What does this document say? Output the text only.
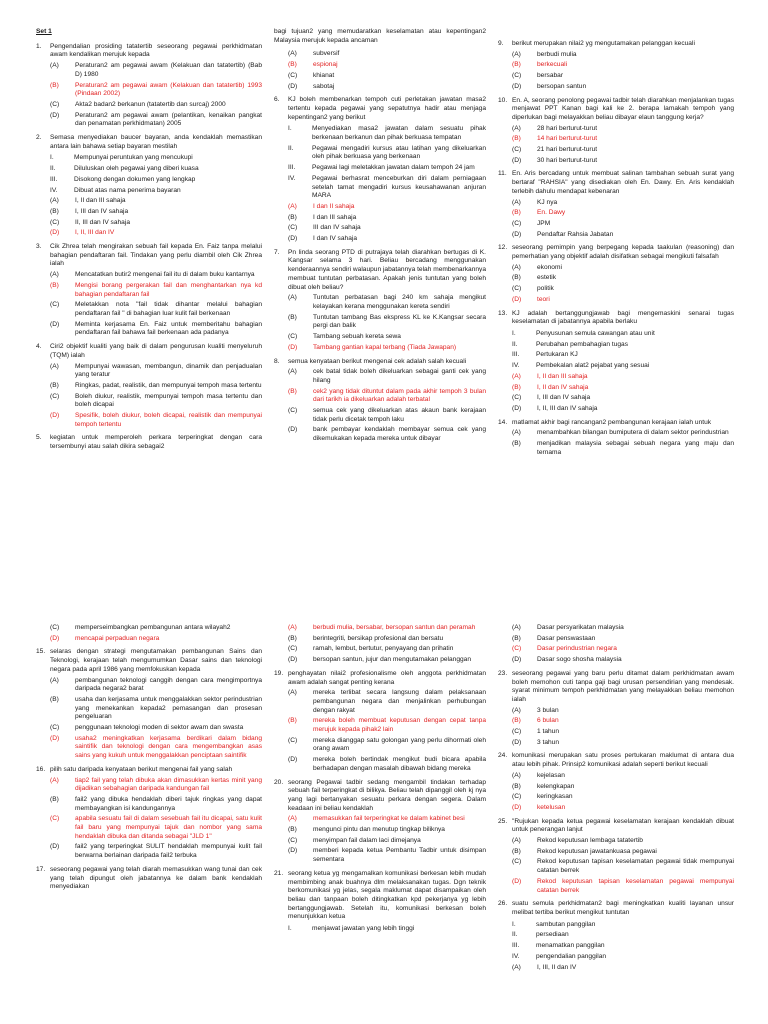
Set 1
1.	Pengendalian prosiding tatatertib seseorang pegawai perkhidmatan awam kendalikan merujuk kepada
(A)	Peraturan2 am pegawai awam (Kelakuan dan tatatertib) (Bab D) 1980
(B)	Peraturan2 am pegawai awam (Kelakuan dan tatatertib) 1993 (Pindaan 2002)
(C)	Akta2 badan2 berkanun (tatatertib dan surcaj) 2000
(D)	Peraturan2 am pegawai awam (pelantikan, kenaikan pangkat dan penamatan perkhidmatan) 2005
2.	Semasa menyediakan baucer bayaran, anda kendaklah memastikan antara lain bahawa setiap bayaran mestilah
I.	Mempunyai peruntukan yang mencukupi
II.	Diluluskan oleh pegawai yang diberi kuasa
III.	Disokong dengan dokumen yang lengkap
IV.	Dibuat atas nama penerima bayaran
(A)	I, II dan III sahaja
(B)	I, III dan IV sahaja
(C)	II, III dan IV sahaja
(D)	I, II, III dan IV
3.	Cik Zhrea telah mengirakan sebuah fail kepada En. Faiz tanpa melalui bahagian pendaftaran fail. Tindakan yang perlu diambil oleh Cik Zhrea ialah
(A)	Mencatatkan butir2 mengenai fail itu di dalam buku kantarnya
(B)	Mengisi borang pergerakan fail dan menghantarkan nya kd bahagian pendaftaran fail
(C)	Meletakkan nota "fail tidak dihantar melalui bahagian pendaftaran fail " di bahagian luar kulit fail berkenaan
(D)	Meminta kerjasama En. Faiz untuk memberitahu bahagian pendaftaran fail bahawa fail berkenaan ada padanya
4.	Ciri2 objektif kualiti yang baik di dalam pengurusan kualiti menyeluruh (TQM) ialah
(A)	Mempunyai wawasan, membangun, dinamik dan penjadualan yang teratur
(B)	Ringkas, padat, realistik, dan mempunyai tempoh masa tertentu
(C)	Boleh diukur, realistik, mempunyai tempoh masa tertentu dan boleh dicapai
(D)	Spesifik, boleh diukur, boleh dicapai, realistik dan mempunyai tempoh tertentu
5.	kegiatan untuk memperoleh perkara terperingkat dengan cara tersembunyi atau salah dikira sebagai2
bagi tujuan2 yang memudaratkan keselamatan atau kepentingan2 Malaysia merujuk kepada ancaman
(A)	subversif
(B)	espionaj
(C)	khianat
(D)	sabotaj
6.	KJ boleh membenarkan tempoh cuti perletakan jawatan masa2 tertentu kepada pegawai yang sepatutnya hadir atau menjaga kepentingan2 yang berikut
I.	Menyediakan masa2 jawatan dalam sesuatu pihak berkenaan berkanun dan pihak berkuasa tempatan
II.	Pegawai mengadiri kursus atau latihan yang dikeluarkan oleh pihak berkuasa yang berkenaan
III.	Pegawai lagi meletakkan jawatan dalam tempoh 24 jam
IV.	Pegawai berhasrat menceburkan diri dalam perniagaan setelah tamat mengadiri kursus keusahawanan anjuran MARA
(A)	I dan II sahaja
(B)	I dan III sahaja
(C)	III dan IV sahaja
(D)	I dan IV sahaja
7.	Pn linda seorang PTD di putrajaya telah diarahkan bertugas di K. Kangsar selama 3 hari. Beliau bercadang menggunakan kenderaannya sendiri walaupun jabatannya telah membenarkannya membuat tuntutan perbatasan. Apakah jenis tuntutan yang boleh dibuat oleh beliau?
(A)	Tuntutan perbatasan bagi 240 km sahaja mengikut kelayakan kerana menggunakan kereta sendiri
(B)	Tuntutan tambang Bas ekspress KL ke K.Kangsar secara pergi dan balik
(C)	Tambang sebuah kereta sewa
(D)	Tambang gantian kapal terbang (Tiada Jawapan)
8.	semua kenyataan berikut mengenai cek adalah salah kecuali
(A)	cek batal tidak boleh dikeluarkan sebagai ganti cek yang hilang
(B)	cek2 yang tidak dituntut dalam pada akhir tempoh 3 bulan dari tarikh ia dikeluarkan adalah terbatal
(C)	semua cek yang dikeluarkan atas akaun bank kerajaan tidak perlu dicetak tempoh laku
(D)	bank pembayar kendaklah membayar semua cek yang dikemukakan kepada mereka untuk dibayar
9.	berikut merupakan nilai2 yg mengutamakan pelanggan kecuali
(A)	berbudi mulia
(B)	berkecuali
(C)	bersabar
(D)	bersopan santun
10. En. A, seorang penolong pegawai tadbir telah diarahkan menjalankan tugas menjawat PPT Kanan bagi kali ke 2. berapa lamakah tempoh yang diperlukan bagi melayakkan beliau dibayar elaun tanggung kerja?
(A)	28 hari berturut-turut
(B)	14 hari berturut-turut
(C)	21 hari berturut-turut
(D)	30 hari berturut-turut
11. En. Aris bercadang untuk membuat salinan tambahan sebuah surat yang bertaraf "RAHSIA" yang disediakan oleh En. Dawy. En. Aris kendaklah terlebih dahulu mendapat kebenaran
(A)	KJ nya
(B)	En. Dawy
(C)	JPM
(D)	Pendaftar Rahsia Jabatan
12. seseorang pemimpin yang berpegang kepada taakulan (reasoning) dan pemerhatian yang objektif adalah disifatkan sebagai mengikuti falsafah
(A)	ekonomi
(B)	estetik
(C)	politik
(D)	teori
13. KJ adalah bertanggungjawab bagi mengemaskini senarai tugas keselamatan di jabatannya apabila berlaku
I.	Penyusunan semula cawangan atau unit
II.	Perubahan pembahagian tugas
III.	Pertukaran KJ
IV.	Pembekalan alat2 pejabat yang sesuai
(A)	I, II dan III sahaja
(B)	I, II dan IV sahaja
(C)	I, III dan IV sahaja
(D)	I, II, III dan IV sahaja
14. matlamat akhir bagi rancangan2 pembangunan kerajaan ialah untuk
(A)	menambahkan bilangan bumiputera di dalam sektor perindustrian
(B)	menjadikan malaysia sebagai sebuah negara yang maju dan ternama
(C)	memperseimbangkan pembangunan antara wilayah2
(D)	mencapai perpaduan negara
15. selaras dengan strategi mengutamakan pembangunan Sains dan Teknologi, kerajaan telah mengumumkan Dasar sains dan teknologi negara pada april 1986 yang memfokuskan kepada
(A)	pembangunan teknologi canggih dengan cara mengimportnya daripada negara2 barat
(B)	usaha dan kerjasama untuk menggalakkan sektor perindustrian yang menekankan kepada2 pemasangan dan prosesan pengeluaran
(C)	penggunaan teknologi moden di sektor awam dan swasta
(D)	usaha2 meningkatkan kerjasama berdikari dalam bidang saintifik dan teknologi dengan cara mengembangkan asas sains yang kukuh untuk menggalakkan penciptaan saintifik
16. pilih satu daripada kenyataan berikut mengenai fail yang salah
(A)	tiap2 fail yang telah dibuka akan dimasukkan kertas minit yang dijadikan sebahagian daripada kandungan fail
(B)	fail2 yang dibuka hendaklah diberi tajuk ringkas yang dapat membayangkan isi kandungannya
(C)	apabila sesuatu fail di dalam sesebuah fail itu dicapai, satu kulit fail baru yang mempunyai tajuk dan nombor yang sama hendaklah dibuka dan ditanda sebagai "JLD 1"
(D)	fail2 yang terperingkat SULIT hendaklah mempunyai kulit fail berwarna berlainan daripada fail2 terbuka
17. seseorang pegawai yang telah diarah memasukkan wang tunai dan cek yang telah dipungut oleh jabatannya ke dalam bank kendaklah menyediakan
(A)	berbudi mulia, bersabar, bersopan santun dan peramah
(B)	berintegriti, bersikap profesional dan bersatu
(C)	ramah, lembut, bertutur, penyayang dan prihatin
(D)	bersopan santun, jujur dan mengutamakan pelanggan
19. penghayatan nilai2 profesionalisme oleh anggota perkhidmatan awam adalah sangat penting kerana
(A)	mereka terlibat secara langsung dalam pelaksanaan pembangunan negara dan menjalinkan perhubungan dengan rakyat
(B)	mereka boleh membuat keputusan dengan cepat tanpa merujuk kepada pihak2 lain
(C)	mereka dianggap satu golongan yang perlu dihormati oleh orang awam
(D)	mereka boleh bertindak mengikut budi bicara apabila berhadapan dengan masalah dibawah bidang mereka
20. seorang Pegawai tadbir sedang mengambil tindakan terhadap sebuah fail terperingkat di bilikya. Beliau telah dipanggil oleh kj nya yang lagi bertanyakan sesuatu perkara dengan segera. Dalam keadaan ini beliau kendaklah
(A)	memasukkan fail terperingkat ke dalam kabinet besi
(B)	mengunci pintu dan menutup tingkap biliknya
(C)	menyimpan fail dalam laci dimejanya
(D)	memberi kepada ketua Pembantu Tadbir untuk disimpan sementara
21. seorang ketua yg mengamalkan komunikasi berkesan lebih mudah membimbing anak buahnya dlm melaksanakan tugas. Dgn teknik berkomunikasi yg jelas, segala maklumat dapat disampaikan oleh beliau dan tanpaan boleh ditingkatkan kpd pekerjanya yg lebih bertanggungjawab. Setelah itu, komunikasi berkesan boleh menunjukkan ketua
I.	menjawat jawatan yang lebih tinggi
(A)	Dasar persyarikatan malaysia
(B)	Dasar penswastaan
(C)	Dasar perindustrian negara
(D)	Dasar sogo shosha malaysia
23. seseorang pegawai yang baru perlu ditamat dalam perkhidmatan awam boleh memohon cuti tanpa gaji bagi urusan persendirian yang mendesak. syarat minimum tempoh perkhidmatan yang melayakkan beliau memohon ialah
(A)	3 bulan
(B)	6 bulan
(C)	1 tahun
(D)	3 tahun
24. komunikasi merupakan satu proses pertukaran maklumat di antara dua atau lebih pihak. Prinsip2 komunikasi adalah seperti berikut kecuali
(A)	kejelasan
(B)	kelengkapan
(C)	keringkasan
(D)	ketelusan
25. "Rujukan kepada ketua pegawai keselamatan kerajaan kendaklah dibuat untuk penerangan lanjut
(A)	Rekod keputusan lembaga tatatertib
(B)	Rekod keputusan jawatankuasa pegawai
(C)	Rekod keputusan tapisan keselamatan pegawai tidak mempunyai catatan berrek
(D)	Rekod keputusan tapisan keselamatan pegawai mempunyai catatan berrek
26. suatu semula perkhidmatan2 bagi meningkatkan kualiti layanan unsur melibat tertiba berikut mengikut tuntutan
I.	sambutan panggilan
II.	persediaan
III.	menamatkan panggilan
IV.	pengendalian panggilan
(A)	I, III, II dan IV
